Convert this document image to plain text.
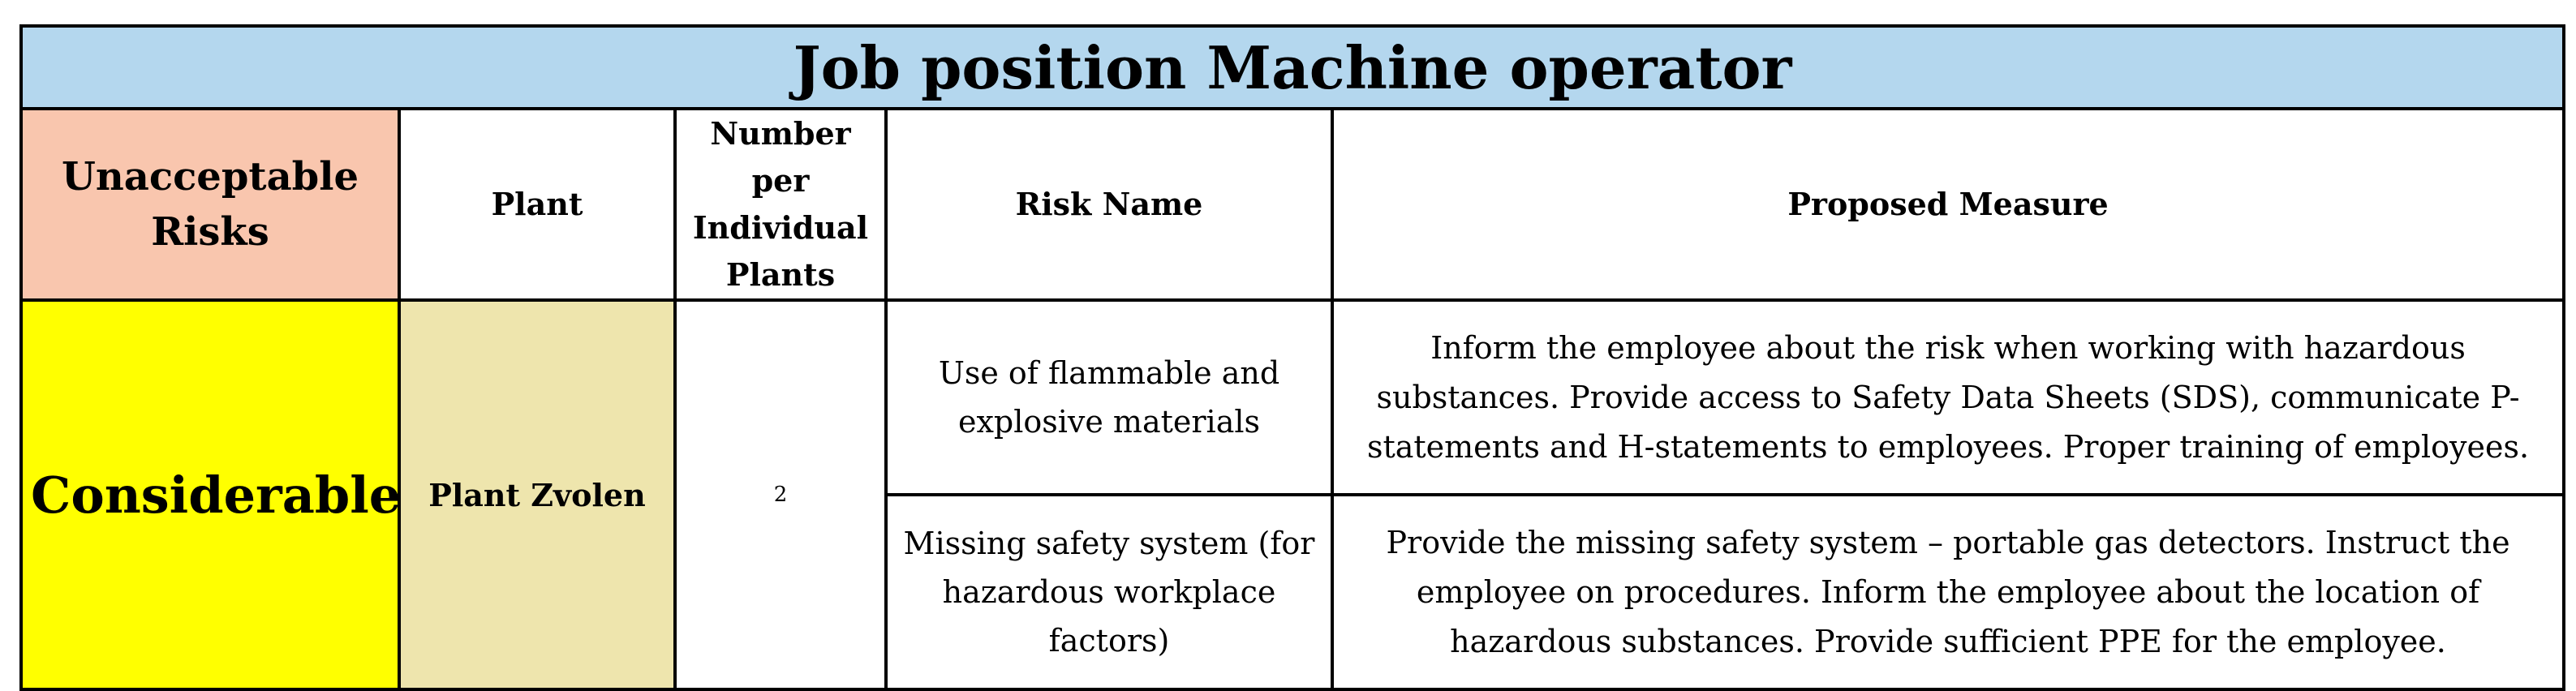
Job position Machine operator				
Unacceptable Risks	Plant	Number per Individual Plants	Risk Name	Proposed Measure
Considerable	Plant Zvolen	2	Use of flammable and explosive materials	Inform the employee about the risk when working with hazardous substances. Provide access to Safety Data Sheets (SDS), communicate P-statements and H-statements to employees. Proper training of employees.
			Missing safety system (for hazardous workplace factors)	Provide the missing safety system – portable gas detectors. Instruct the employee on procedures. Inform the employee about the location of hazardous substances. Provide sufficient PPE for the employee.
